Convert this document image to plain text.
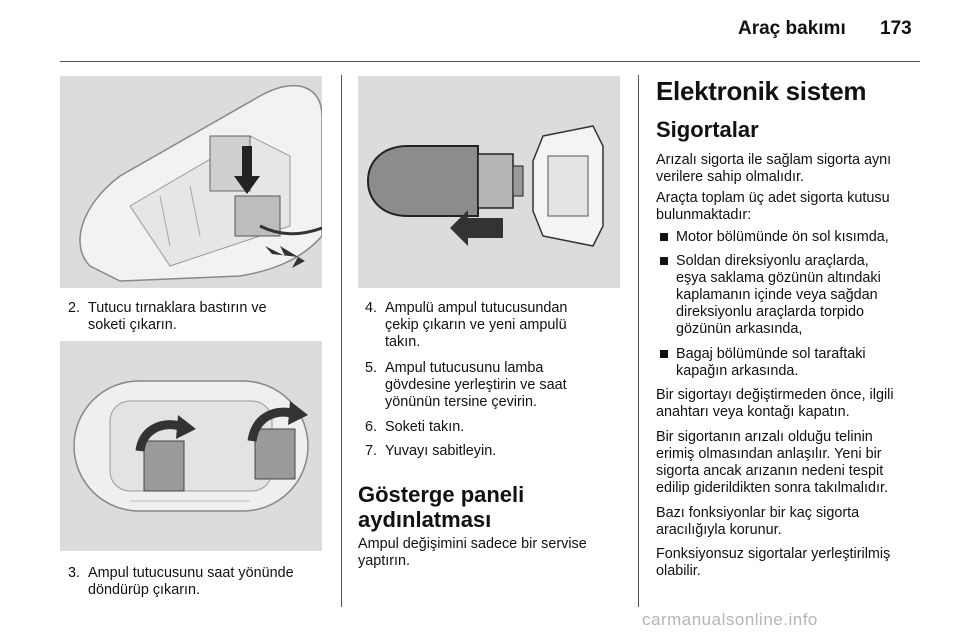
Araç bakımı 173
2. Tutucu tırnaklara bastırın ve
soketi çıkarın.
3. Ampul tutucusunu saat yönünde
döndürüp çıkarın.
4. Ampulü ampul tutucusundan
çekip çıkarın ve yeni ampulü
takın.
5. Ampul tutucusunu lamba
gövdesine yerleştirin ve saat
yönünün tersine çevirin.
6. Soketi takın.
7. Yuvayı sabitleyin.
Gösterge paneli
aydınlatması
Ampul değişimini sadece bir servise
yaptırın.
Elektronik sistem
Sigortalar
Arızalı sigorta ile sağlam sigorta aynı
verilere sahip olmalıdır.
Araçta toplam üç adet sigorta kutusu
bulunmaktadır:
Motor bölümünde ön sol kısımda,
Soldan direksiyonlu araçlarda,
eşya saklama gözünün altındaki
kaplamanın içinde veya sağdan
direksiyonlu araçlarda torpido
gözünün arkasında,
Bagaj bölümünde sol taraftaki
kapağın arkasında.
Bir sigortayı değiştirmeden önce, ilgili
anahtarı veya kontağı kapatın.
Bir sigortanın arızalı olduğu telinin
erimiş olmasından anlaşılır. Yeni bir
sigorta ancak arızanın nedeni tespit
edilip giderildikten sonra takılmalıdır.
Bazı fonksiyonlar bir kaç sigorta
aracılığıyla korunur.
Fonksiyonsuz sigortalar yerleştirilmiş
olabilir.
carmanualsonline.info
